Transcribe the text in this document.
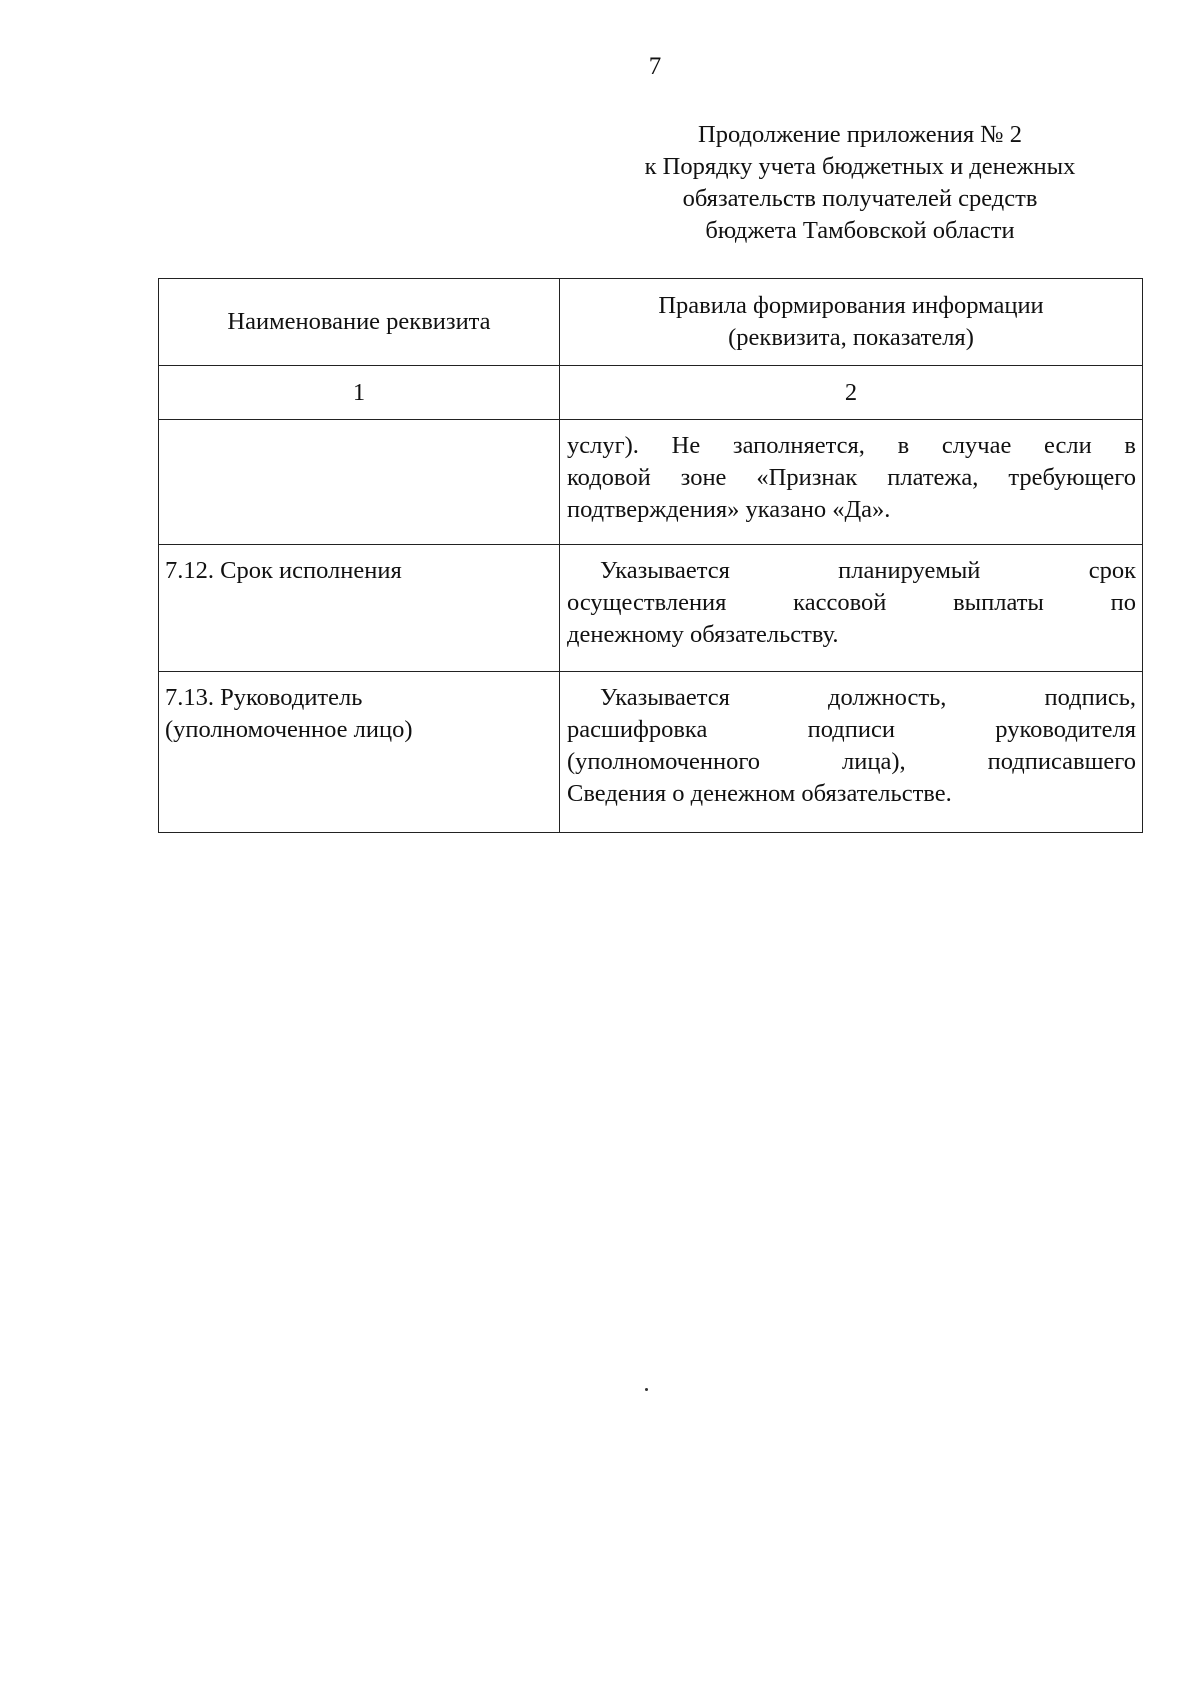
7
Продолжение приложения № 2
к Порядку учета бюджетных и денежных
обязательств получателей средств
бюджета Тамбовской области
Наименование реквизита	Правила формирования информации
(реквизита, показателя)

1	2

	услуг). Не заполняется, в случае если в
кодовой зоне «Признак платежа, требующего
подтверждения» указано «Да».

7.12. Срок исполнения	Указывается планируемый срок
осуществления кассовой выплаты по
денежному обязательству.

7.13. Руководитель
(уполномоченное лицо)	Указывается должность, подпись,
расшифровка подписи руководителя
(уполномоченного лица), подписавшего
Сведения о денежном обязательстве.
